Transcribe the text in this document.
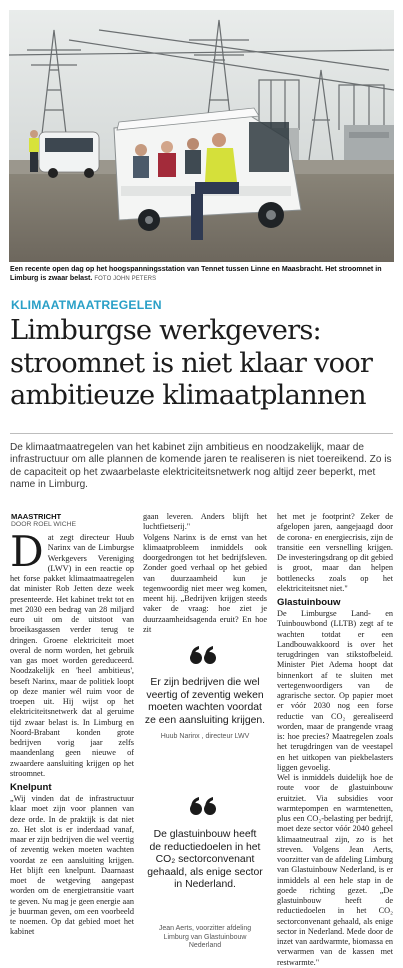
Een recente open dag op het hoogspanningsstation van Tennet tussen Linne en Maasbracht. Het stroomnet in Limburg is zwaar belast. FOTO JOHN PETERS
KLIMAATMAATREGELEN
Limburgse werkgevers: stroomnet is niet klaar voor ambitieuze klimaatplannen

De klimaatmaatregelen van het kabinet zijn ambitieus en noodzakelijk, maar de infrastructuur om alle plannen de komende jaren te realiseren is niet toereikend. Zo is de capaciteit op het zwaarbelaste elektriciteitsnetwerk nog altijd zeer beperkt, met name in Limburg.

MAASTRICHT
DOOR ROEL WICHE

Dat zegt directeur Huub Narinx van de Limburgse Werkgevers Vereniging (LWV) in een reactie op het forse pakket klimaatmaatregelen dat minister Rob Jetten deze week presenteerde. Het kabinet trekt tot en met 2030 een bedrag van 28 miljard euro uit om de uitstoot van broeikasgassen verder terug te dringen. Groene elektriciteit moet overal de norm worden, het gebruik van gas moet worden gereduceerd. Noodzakelijk en 'heel ambitieus', beseft Narinx, maar de politiek loopt op deze manier wél ruim voor de troepen uit. Hij wijst op het elektriciteitsnetwerk dat al geruime tijd zwaar belast is. In Limburg en Noord-Brabant konden grote bedrijven vorig jaar zelfs maandenlang geen nieuwe of zwaardere aansluiting krijgen op het stroomnet.

Knelpunt

„Wij vinden dat de infrastructuur klaar moet zijn voor plannen van deze orde. In de praktijk is dat niet zo. Het slot is er inderdaad vanaf, maar er zijn bedrijven die wel veertig of zeventig weken moeten wachten voordat ze een aansluiting krijgen. Het blijft een knelpunt. Daarnaast moet de wetgeving aangepast worden om de energietransitie vaart te geven. Nu mag je geen energie aan je buurman geven, om een voorbeeld te noemen. Op dat gebied moet het kabinet

gaan leveren. Anders blijft het luchtfietserij."

Volgens Narinx is de ernst van het klimaatprobleem inmiddels ook doorgedrongen tot het bedrijfsleven. Zonder goed verhaal op het gebied van duurzaamheid kun je tegenwoordig niet meer weg komen, meent hij. „Bedrijven krijgen steeds vaker de vraag: hoe ziet je duurzaamheidsagenda eruit? En hoe zit

Er zijn bedrijven die wel veertig of zeventig weken moeten wachten voordat ze een aansluiting krijgen.
Huub Narinx , directeur LWV
De glastuinbouw heeft de reductiedoelen in het CO₂ sectorconvenant gehaald, als enige sector in Nederland.
Jean Aerts, voorzitter afdeling Limburg van Glastuinbouw Nederland

het met je footprint? Zeker de afgelopen jaren, aangejaagd door de corona- en energiecrisis, zijn de transitie een versnelling krijgen. De investeringsdrang op dit gebied is groot, maar dan helpen bottlenecks zoals op het elektriciteitsnet niet."

Glastuinbouw

De Limburgse Land- en Tuinbouwbond (LLTB) zegt af te wachten totdat er een Landbouwakkoord is over het terugdringen van stikstofbeleid. Minister Piet Adema hoopt dat binnenkort af te sluiten met vertegenwoordigers van de agrarische sector. Op papier moet er vóór 2030 nog een forse reductie van CO₂ gerealiseerd worden, maar de prangende vraag is: hoe precies? Maatregelen zoals het terugdringen van de veestapel en het uitkopen van piekbelasters liggen gevoelig.

Wel is inmiddels duidelijk hoe de route voor de glastuinbouw eruitziet. Via subsidies voor warmtepompen en warmtenetten, plus een CO₂-belasting per bedrijf, moet deze sector vóór 2040 geheel klimaatneutraal zijn, zo is het streven. Volgens Jean Aerts, voorzitter van de afdeling Limburg van Glastuinbouw Nederland, is er inmiddels al een hele stap in de goede richting gezet. „De glastuinbouw heeft de reductiedoelen in het CO₂ sectorconvenant gehaald, als enige sector in Nederland. Mede door de inzet van aardwarmte, biomassa en verwarmen van de kassen met restwarmte."
